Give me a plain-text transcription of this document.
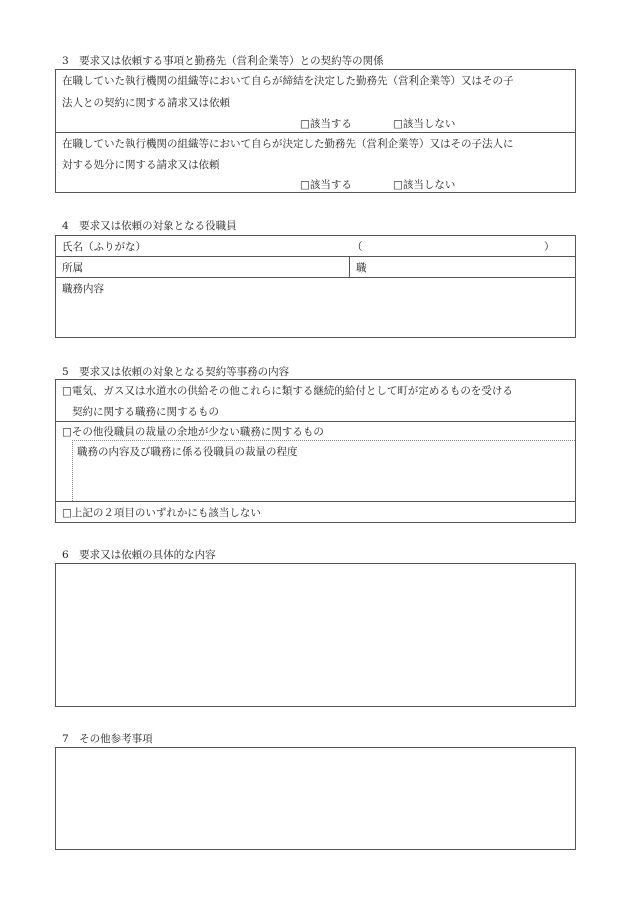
3　要求又は依頼する事項と勤務先（営利企業等）との契約等の関係
在職していた執行機関の組織等において自らが締結を決定した勤務先（営利企業等）又はその子
法人との契約に関する請求又は依頼
□該当する	□該当しない
在職していた執行機関の組織等において自らが決定した勤務先（営利企業等）又はその子法人に
対する処分に関する請求又は依頼
□該当する	□該当しない
4　要求又は依頼の対象となる役職員
氏名（ふりがな）	（	）
所属	職
職務内容
5　要求又は依頼の対象となる契約等事務の内容
□電気、ガス又は水道水の供給その他これらに類する継続的給付として町が定めるものを受ける
契約に関する職務に関するもの
□その他役職員の裁量の余地が少ない職務に関するもの
職務の内容及び職務に係る役職員の裁量の程度
□上記の２項目のいずれかにも該当しない
6　要求又は依頼の具体的な内容
7　その他参考事項
